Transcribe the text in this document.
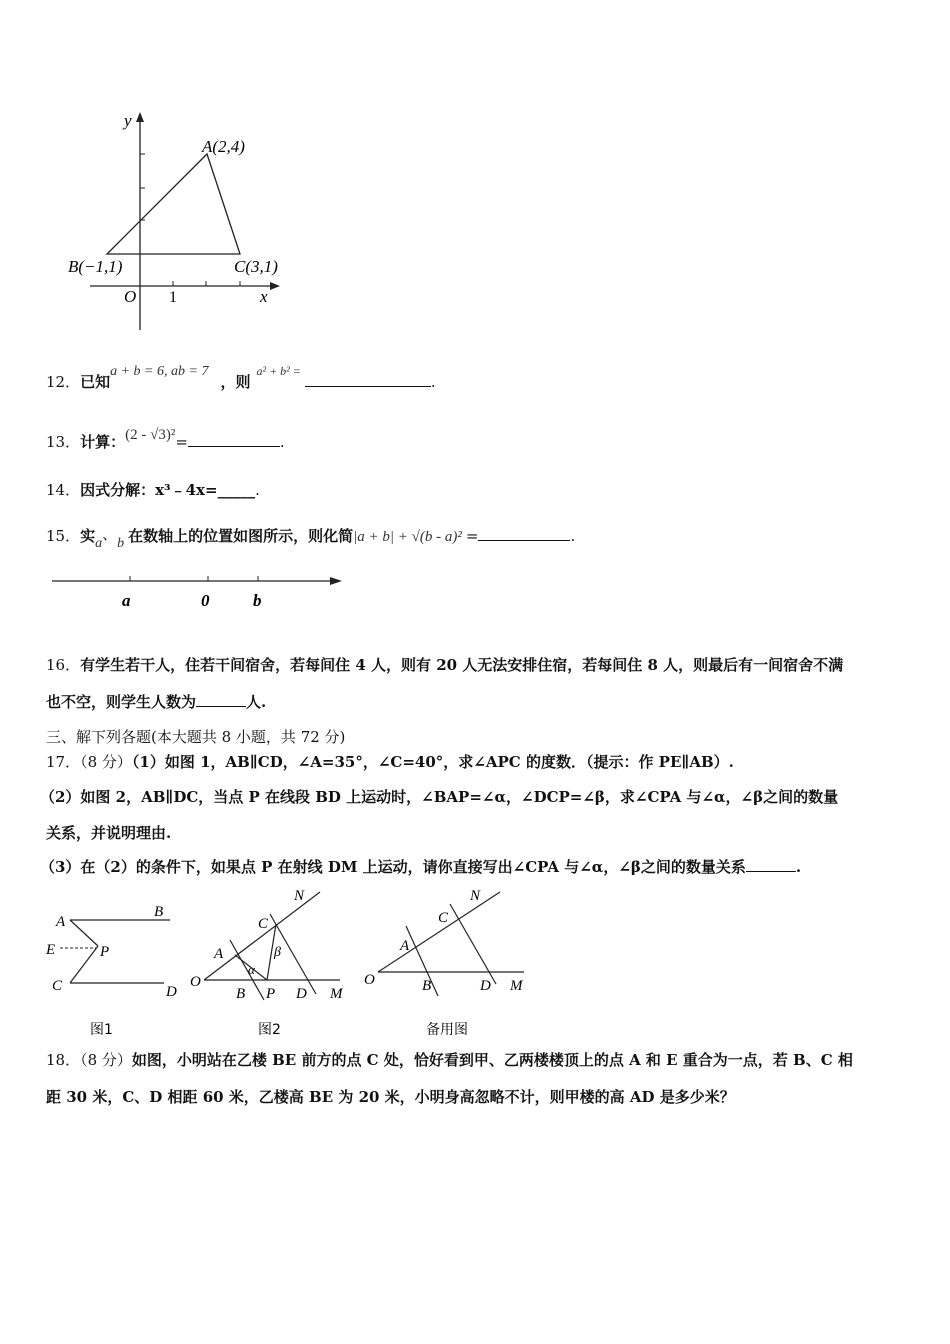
y
x
O 1
A(2,4)
B(−1,1)	C(3,1)
12．已知a + b = 6, ab = 7，则$^{a^2 + b^2 =}$.
13．计算：(2 - √3)²=	.
14．因式分解：x³﹣4x=_____.
15．实a、b 在数轴上的位置如图所示，则化简|a + b| + √(b - a)² =	.
a	0	b
16．有学生若干人，住若干间宿舍，若每间住 4 人，则有 20 人无法安排住宿，若每间住 8 人，则最后有一间宿舍不满
也不空，则学生人数为	人.
三、解下列各题(本大题共 8 小题，共 72 分)
17．（8 分）（1）如图 1，AB∥CD，∠A=35°，∠C=40°，求∠APC 的度数．（提示：作 PE∥AB）.
（2）如图 2，AB∥DC，当点 P 在线段 BD 上运动时，∠BAP=∠α，∠DCP=∠β，求∠CPA 与∠α，∠β之间的数量
关系，并说明理由.
（3）在（2）的条件下，如果点 P 在射线 DM 上运动，请你直接写出∠CPA 与∠α，∠β之间的数量关系	.
A
B
E	P
C	D
图1
N
C
A	β
α
O
B P D M
图2
N
C
A
O	B	D M
备用图
18．（8 分）如图，小明站在乙楼 BE 前方的点 C 处，恰好看到甲、乙两楼楼顶上的点 A 和 E 重合为一点，若 B、C 相
距 30 米，C、D 相距 60 米，乙楼高 BE 为 20 米，小明身高忽略不计，则甲楼的高 AD 是多少米？
